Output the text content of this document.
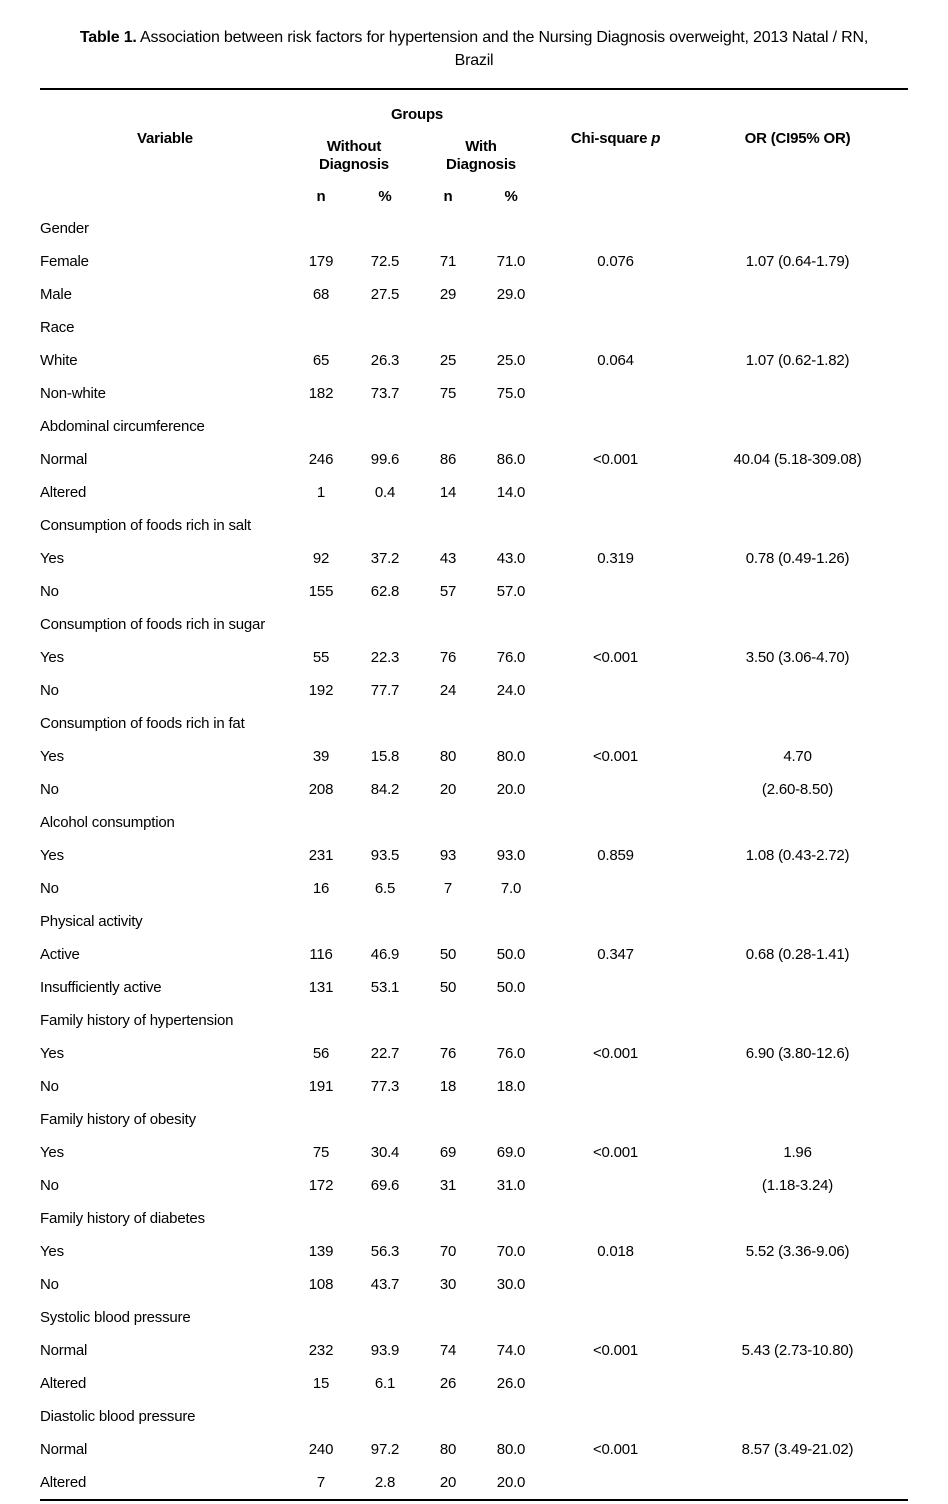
Table 1. Association between risk factors for hypertension and the Nursing Diagnosis overweight, 2013 Natal / RN, Brazil
Variable	Groups				Chi-square p	OR (CI95% OR)
	Without Diagnosis		With Diagnosis			
	n	%	n	%		
Gender						
Female	179	72.5	71	71.0	0.076	1.07 (0.64-1.79)
Male	68	27.5	29	29.0		
Race						
White	65	26.3	25	25.0	0.064	1.07 (0.62-1.82)
Non-white	182	73.7	75	75.0		
Abdominal circumference						
Normal	246	99.6	86	86.0	<0.001	40.04 (5.18-309.08)
Altered	1	0.4	14	14.0		
Consumption of foods rich in salt						
Yes	92	37.2	43	43.0	0.319	0.78 (0.49-1.26)
No	155	62.8	57	57.0		
Consumption of foods rich in sugar						
Yes	55	22.3	76	76.0	<0.001	3.50 (3.06-4.70)
No	192	77.7	24	24.0		
Consumption of foods rich in fat						
Yes	39	15.8	80	80.0	<0.001	4.70
No	208	84.2	20	20.0		(2.60-8.50)
Alcohol consumption						
Yes	231	93.5	93	93.0	0.859	1.08 (0.43-2.72)
No	16	6.5	7	7.0		
Physical activity						
Active	116	46.9	50	50.0	0.347	0.68 (0.28-1.41)
Insufficiently active	131	53.1	50	50.0		
Family history of hypertension						
Yes	56	22.7	76	76.0	<0.001	6.90 (3.80-12.6)
No	191	77.3	18	18.0		
Family history of obesity						
Yes	75	30.4	69	69.0	<0.001	1.96
No	172	69.6	31	31.0		(1.18-3.24)
Family history of diabetes						
Yes	139	56.3	70	70.0	0.018	5.52 (3.36-9.06)
No	108	43.7	30	30.0		
Systolic blood pressure						
Normal	232	93.9	74	74.0	<0.001	5.43 (2.73-10.80)
Altered	15	6.1	26	26.0		
Diastolic blood pressure						
Normal	240	97.2	80	80.0	<0.001	8.57 (3.49-21.02)
Altered	7	2.8	20	20.0		
